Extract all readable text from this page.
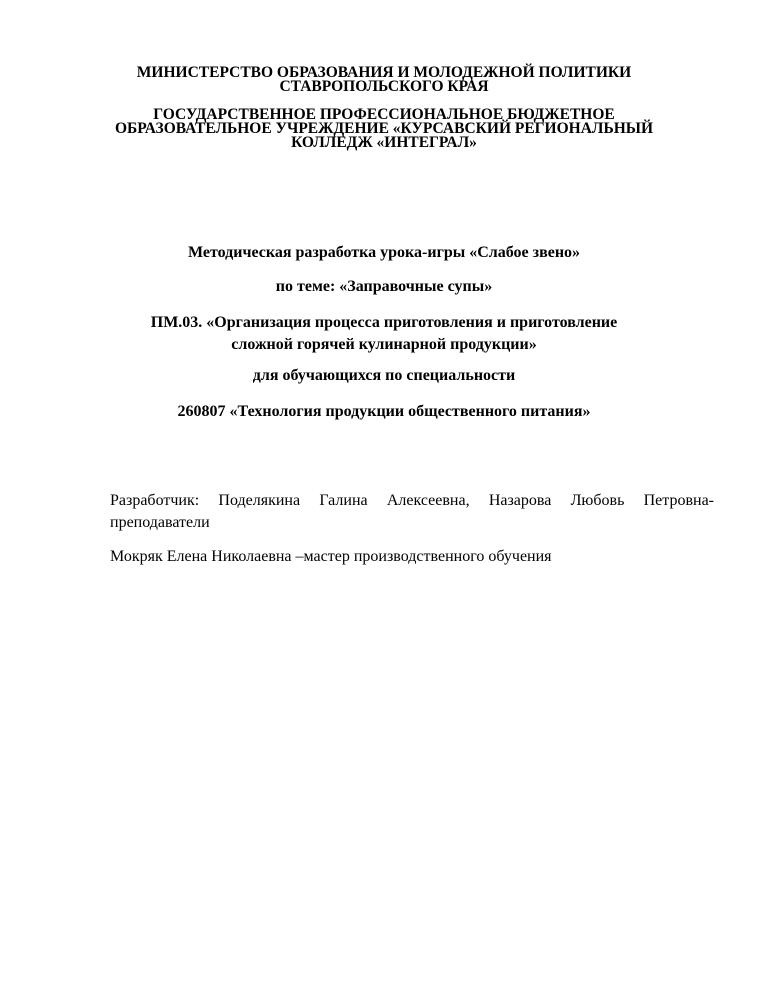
МИНИСТЕРСТВО ОБРАЗОВАНИЯ И МОЛОДЕЖНОЙ ПОЛИТИКИ
СТАВРОПОЛЬСКОГО КРАЯ
ГОСУДАРСТВЕННОЕ ПРОФЕССИОНАЛЬНОЕ БЮДЖЕТНОЕ
ОБРАЗОВАТЕЛЬНОЕ УЧРЕЖДЕНИЕ «КУРСАВСКИЙ РЕГИОНАЛЬНЫЙ
КОЛЛЕДЖ «ИНТЕГРАЛ»
Методическая разработка урока-игры «Слабое звено»
по теме: «Заправочные супы»
ПМ.03. «Организация процесса приготовления и приготовление
сложной горячей кулинарной продукции»
для обучающихся по специальности
260807 «Технология продукции общественного питания»
Разработчик: Поделякина Галина Алексеевна, Назарова Любовь Петровна-преподаватели
Мокряк Елена Николаевна –мастер производственного обучения
